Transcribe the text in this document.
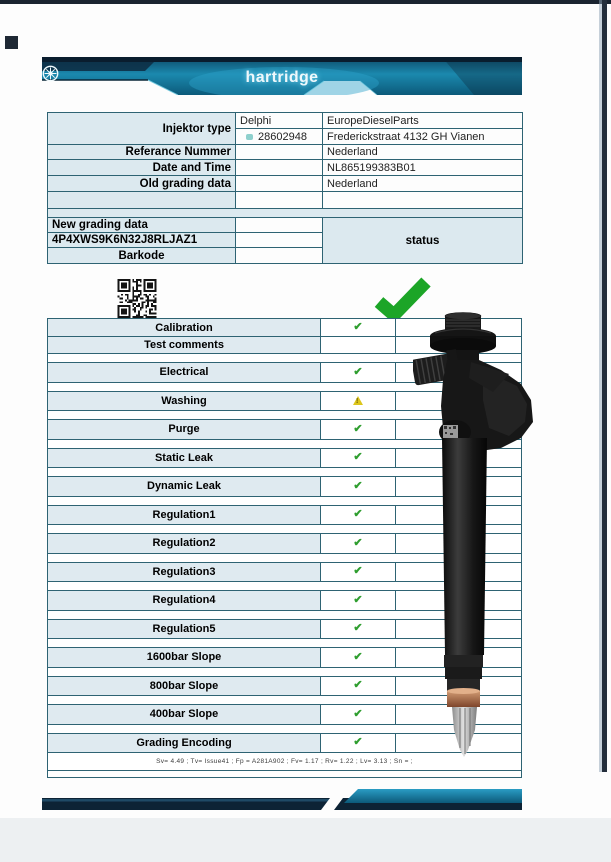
hartridge
Injektor type	Delphi	EuropeDieselParts
	28602948	Frederickstraat 4132 GH Vianen
Referance Nummer		Nederland
Date and Time		NL865199383B01
Old grading data		Nederland

New grading data		status
4P4XWS9K6N32J8RLJAZ1		
Barkode		
Calibration	✔
Test comments
Electrical	✔
Washing	!
Purge	✔
Static Leak	✔
Dynamic Leak	✔
Regulation1	✔
Regulation2	✔
Regulation3	✔
Regulation4	✔
Regulation5	✔
1600bar Slope	✔
800bar Slope	✔
400bar Slope	✔
Grading Encoding	✔
Sv= 4.49 ; Tv= Issue41 ; Fp = A281A902 ; Fv= 1.17 ; Rv= 1.22 ; Lv= 3.13 ; Sn = ;
